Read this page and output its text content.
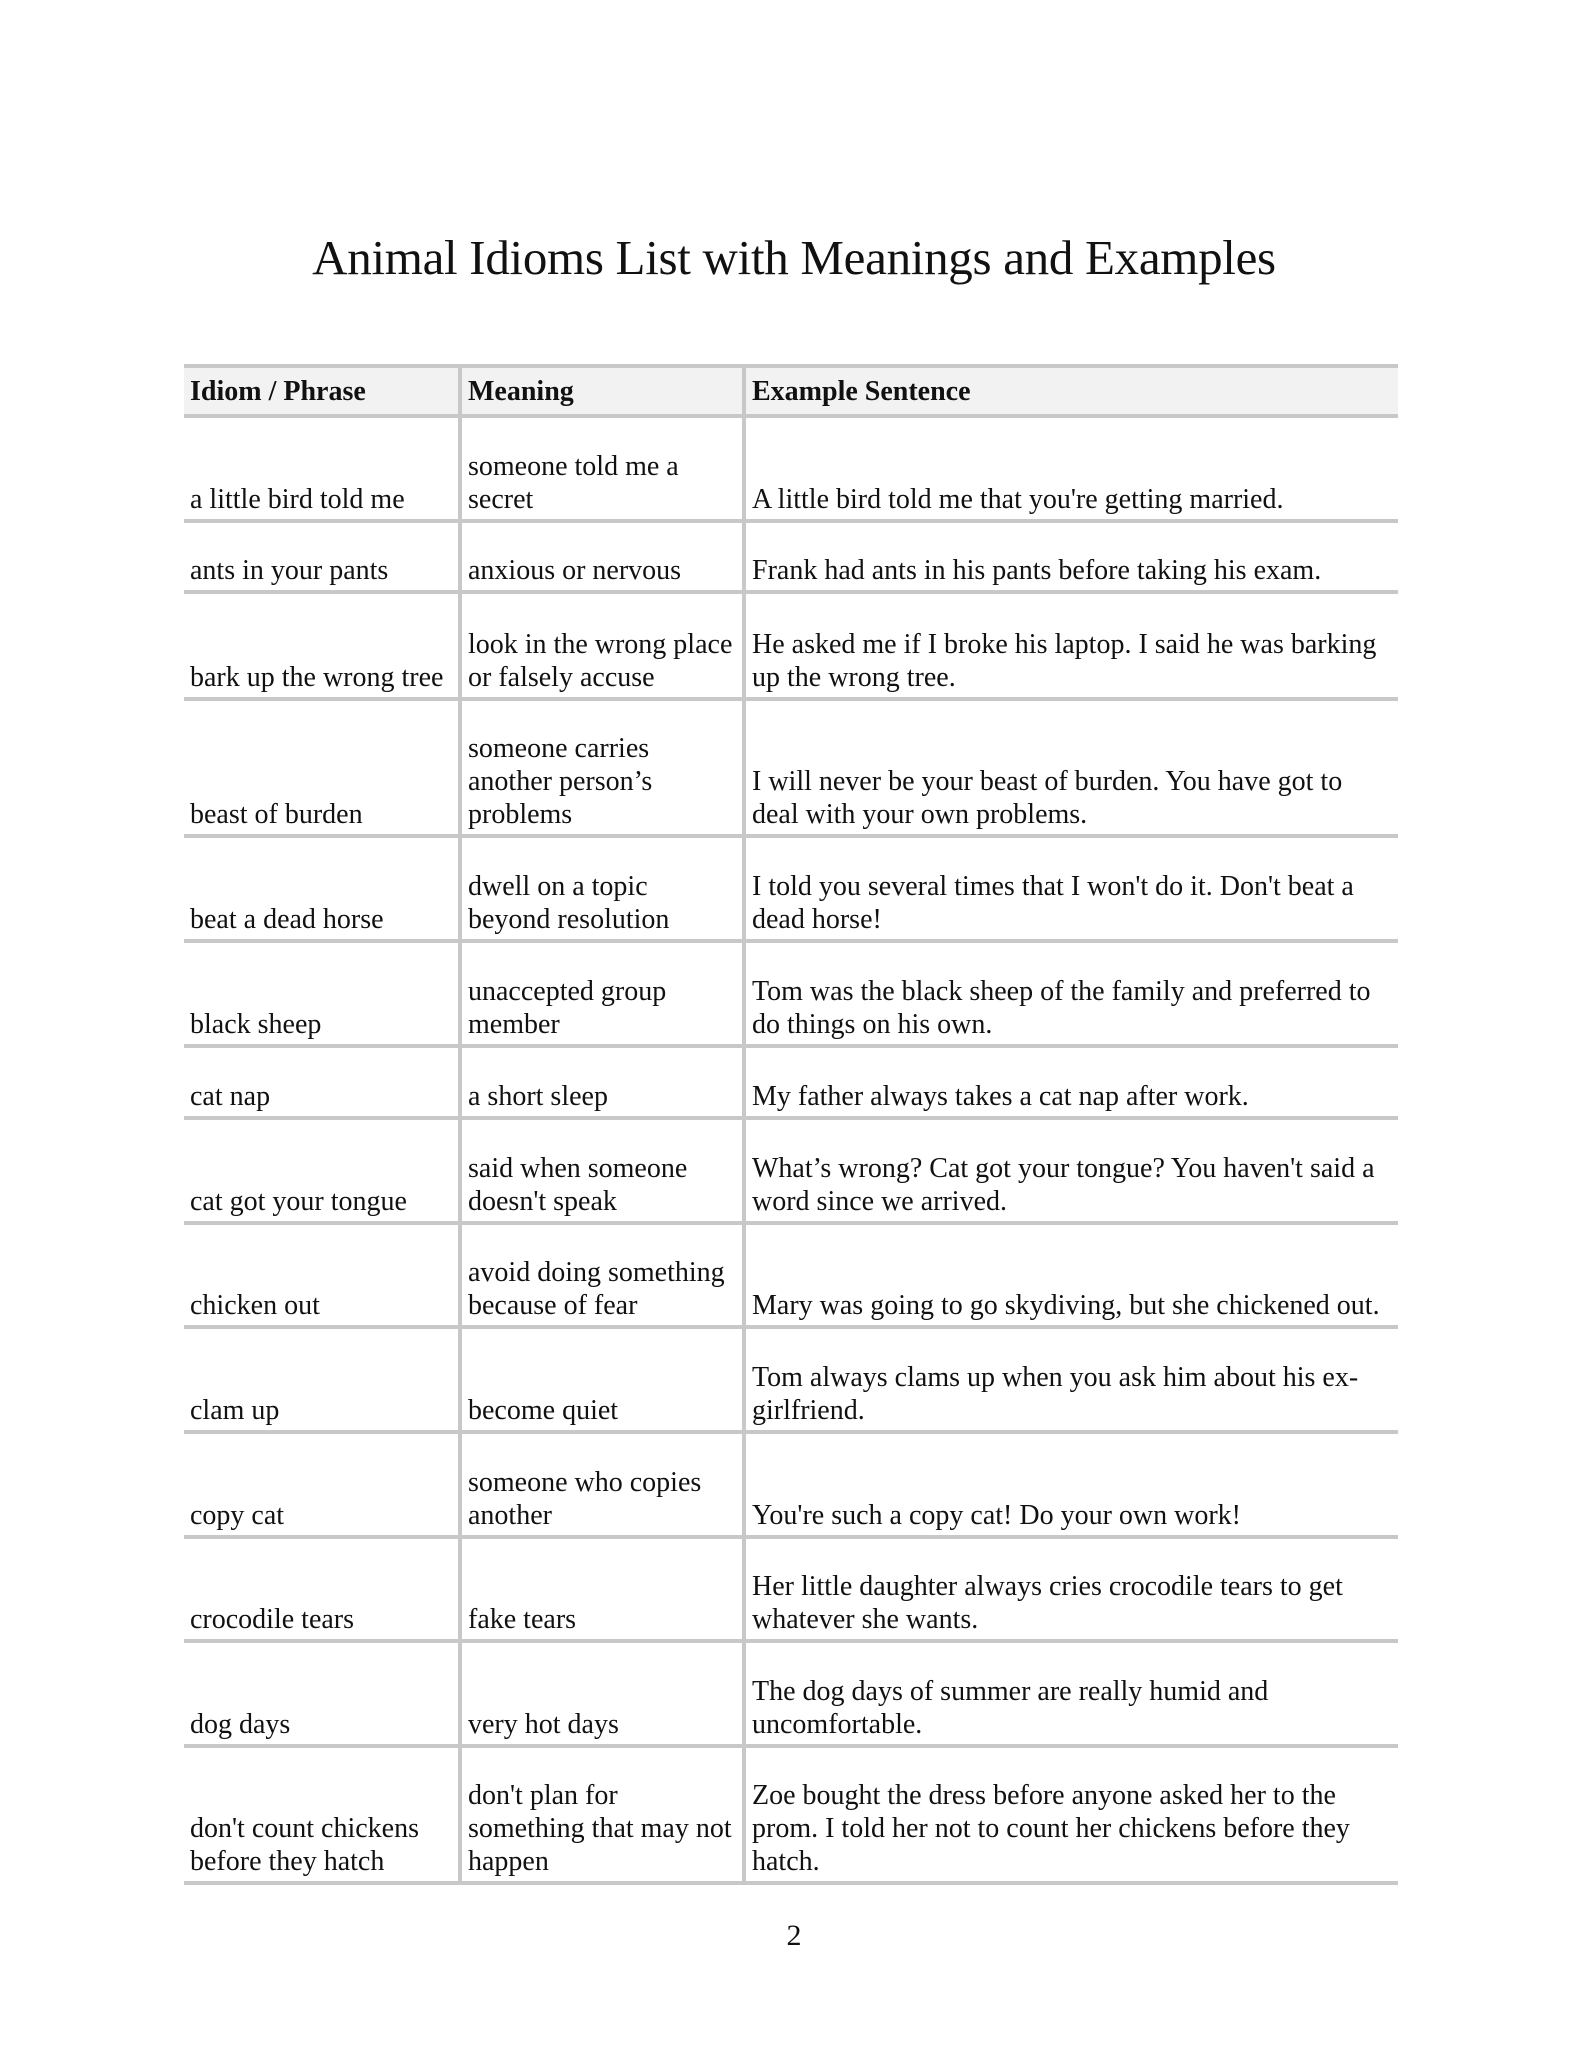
Animal Idioms List with Meanings and Examples
Idiom / Phrase	Meaning	Example Sentence
a little bird told me	someone told me a secret	A little bird told me that you're getting married.
ants in your pants	anxious or nervous	Frank had ants in his pants before taking his exam.
bark up the wrong tree	look in the wrong place or falsely accuse	He asked me if I broke his laptop. I said he was barking up the wrong tree.
beast of burden	someone carries another person’s problems	I will never be your beast of burden. You have got to deal with your own problems.
beat a dead horse	dwell on a topic beyond resolution	I told you several times that I won't do it. Don't beat a dead horse!
black sheep	unaccepted group member	Tom was the black sheep of the family and preferred to do things on his own.
cat nap	a short sleep	My father always takes a cat nap after work.
cat got your tongue	said when someone doesn't speak	What’s wrong? Cat got your tongue? You haven't said a word since we arrived.
chicken out	avoid doing something because of fear	Mary was going to go skydiving, but she chickened out.
clam up	become quiet	Tom always clams up when you ask him about his ex-girlfriend.
copy cat	someone who copies another	You're such a copy cat! Do your own work!
crocodile tears	fake tears	Her little daughter always cries crocodile tears to get whatever she wants.
dog days	very hot days	The dog days of summer are really humid and uncomfortable.
don't count chickens before they hatch	don't plan for something that may not happen	Zoe bought the dress before anyone asked her to the prom. I told her not to count her chickens before they hatch.
2
